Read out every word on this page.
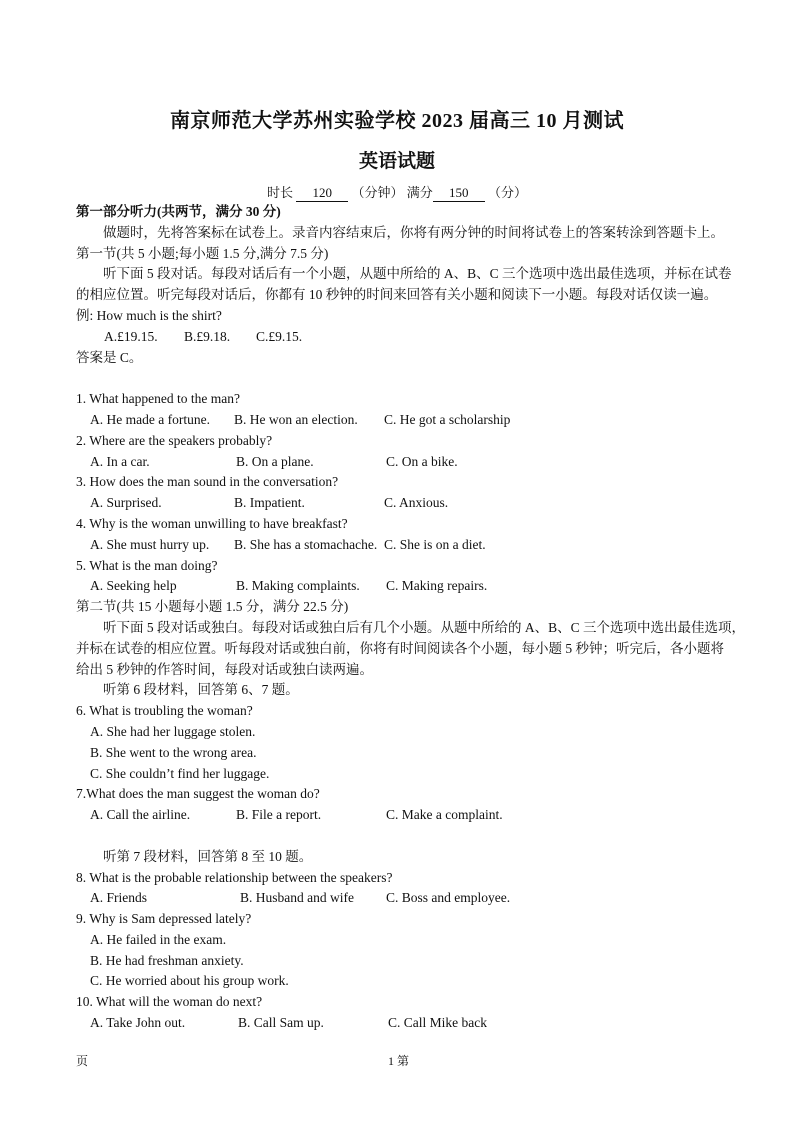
南京师范大学苏州实验学校 2023 届高三 10 月测试
英语试题
时长 120 （分钟） 满分 150 （分）
第一部分听力(共两节，满分 30 分)
做题时，先将答案标在试卷上。录音内容结束后，你将有两分钟的时间将试卷上的答案转涂到答题卡上。
第一节(共 5 小题;每小题 1.5 分,满分 7.5 分)
听下面 5 段对话。每段对话后有一个小题，从题中所给的 A、B、C 三个选项中选出最佳选项，并标在试卷
的相应位置。听完每段对话后，你都有 10 秒钟的时间来回答有关小题和阅读下一小题。每段对话仅读一遍。
例: How much is the shirt?
A.£19.15.	B.£9.18.	C.£9.15.
答案是 C。
1. What happened to the man?
A. He made a fortune.	B. He won an election.	C. He got a scholarship
2. Where are the speakers probably?
A. In a car.	B. On a plane.	C. On a bike.
3. How does the man sound in the conversation?
A. Surprised.	B. Impatient.	C. Anxious.
4. Why is the woman unwilling to have breakfast?
A. She must hurry up.	B. She has a stomachache. C. She is on a diet.
5. What is the man doing?
A. Seeking help	B. Making complaints.	C. Making repairs.
第二节(共 15 小题每小题 1.5 分，满分 22.5 分)
听下面 5 段对话或独白。每段对话或独白后有几个小题。从题中所给的 A、B、C 三个选项中选出最佳选项，
并标在试卷的相应位置。听每段对话或独白前，你将有时间阅读各个小题，每小题 5 秒钟；听完后，各小题将
给出 5 秒钟的作答时间，每段对话或独白读两遍。
听第 6 段材料，回答第 6、7 题。
6. What is troubling the woman?
A. She had her luggage stolen.
B. She went to the wrong area.
C. She couldn’t find her luggage.
7.What does the man suggest the woman do?
A. Call the airline.	B. File a report.	C. Make a complaint.
听第 7 段材料，回答第 8 至 10 题。
8. What is the probable relationship between the speakers?
A. Friends	B. Husband and wife	C. Boss and employee.
9. Why is Sam depressed lately?
A. He failed in the exam.
B. He had freshman anxiety.
C. He worried about his group work.
10. What will the woman do next?
A. Take John out.	B. Call Sam up.	C. Call Mike back
页	1 第
